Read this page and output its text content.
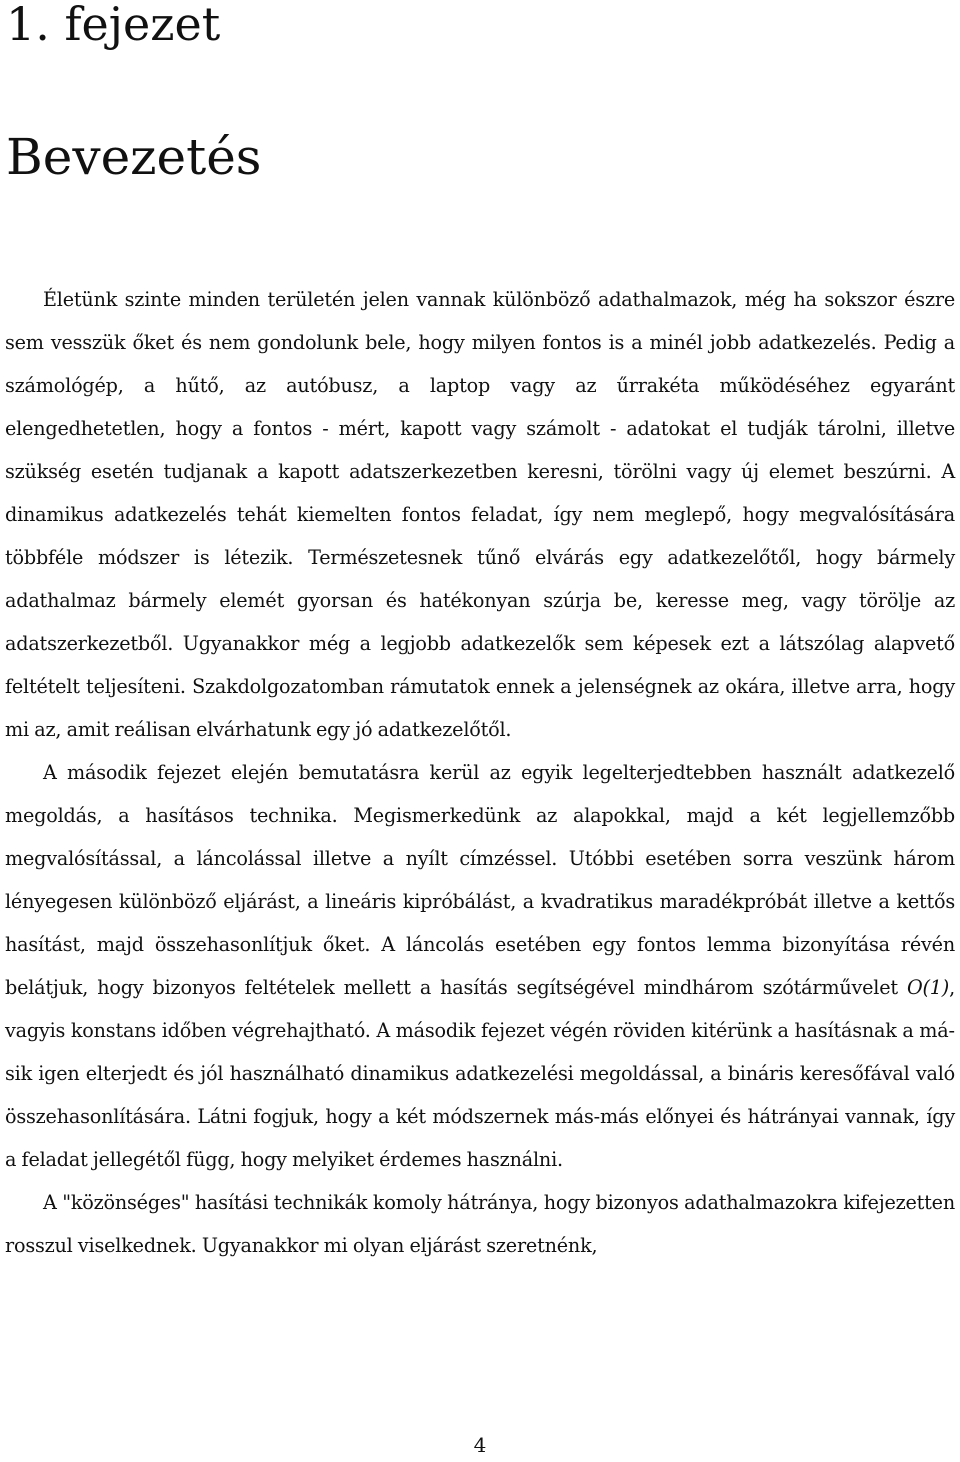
1. fejezet
Bevezetés

Életünk szinte minden területén jelen vannak különböző adathalmazok, még ha sokszor észre sem vesszük őket és nem gondolunk bele, hogy milyen fontos is a minél jobb adatkezelés. Pedig a számológép, a hűtő, az autóbusz, a laptop vagy az űrrakéta működéséhez egyaránt elengedhetetlen, hogy a fontos - mért, kapott vagy számolt - adatokat el tudják tárolni, illetve szükség esetén tudjanak a kapott adatszerkezetben keresni, törölni vagy új elemet beszúrni. A dinamikus adatkezelés tehát kiemelten fontos feladat, így nem meglepő, hogy megvalósítására többféle módszer is létezik. Természetesnek tűnő elvárás egy adatkezelőtől, hogy bármely adathalmaz bármely elemét gyorsan és hatékonyan szúrja be, keresse meg, vagy törölje az adatszerkezetből. Ugyanakkor még a legjobb adatkezelők sem képesek ezt a látszólag alapvető feltételt teljesíteni. Szakdolgozatomban rámutatok ennek a jelenségnek az okára, illetve arra, hogy mi az, amit reálisan elvárhatunk egy jó adatkezelőtől.

A második fejezet elején bemutatásra kerül az egyik legelterjedtebben használt adatkezelő megoldás, a hasításos technika. Megismerkedünk az alapokkal, majd a két legjellemzőbb megvalósítással, a láncolással illetve a nyílt címzéssel. Utóbbi esetében sorra veszünk három lényegesen különböző eljárást, a lineáris kipróbálást, a kvadratikus maradékpróbát illetve a kettős hasítást, majd összehasonlítjuk őket. A láncolás esetében egy fontos lemma bizonyítása révén belátjuk, hogy bizonyos feltételek mellett a hasítás segítségével mindhárom szótárművelet O(1), vagyis konstans időben végrehajtható. A második fejezet végén röviden kitérünk a hasításnak a másik igen elterjedt és jól használható dinamikus adatkezelési megoldással, a bináris keresőfával való összehasonlítására. Látni fogjuk, hogy a két módszernek más-más előnyei és hátrányai vannak, így a feladat jellegétől függ, hogy melyiket érdemes használni.

A "közönséges" hasítási technikák komoly hátránya, hogy bizonyos adathalmazokra kifejezetten rosszul viselkednek. Ugyanakkor mi olyan eljárást szeretnénk,

4
